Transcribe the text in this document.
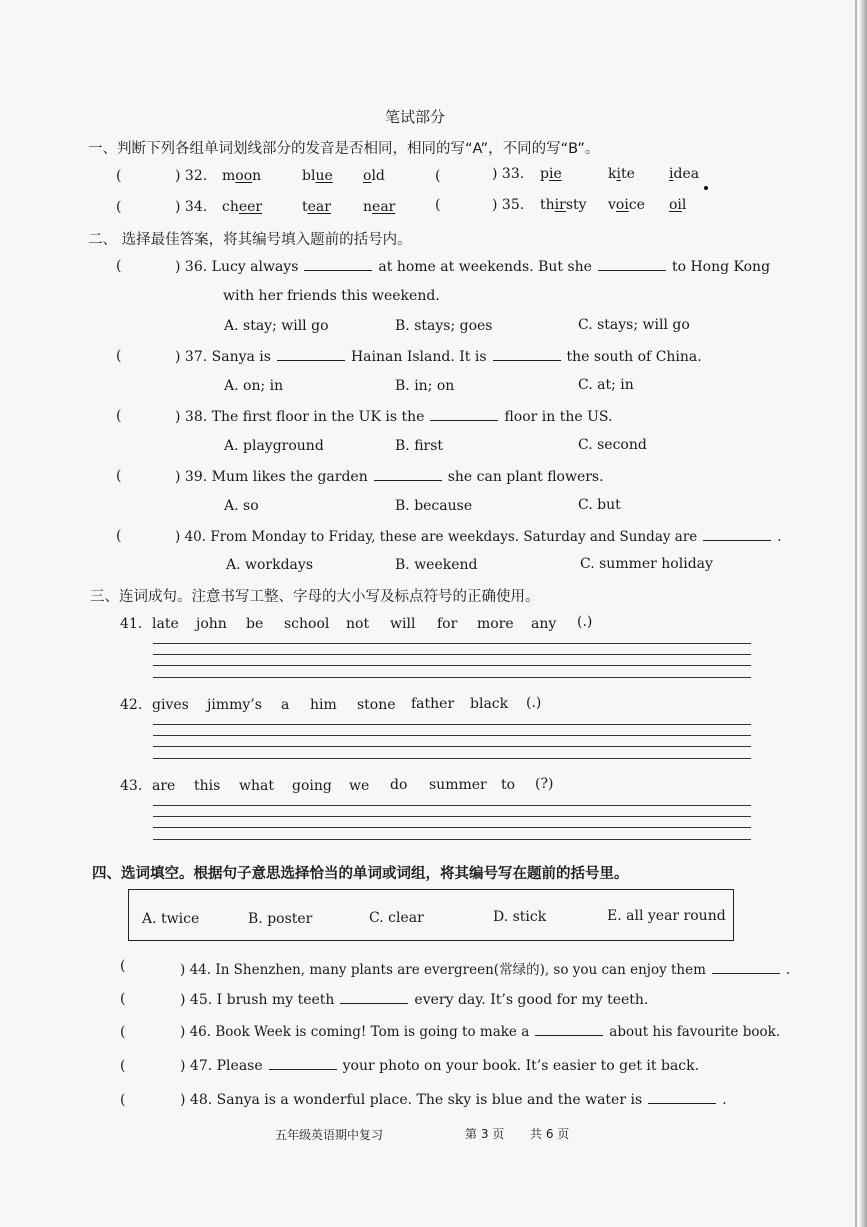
笔试部分
一、判断下列各组单词划线部分的发音是否相同，相同的写“A”，不同的写“B”。
(	) 32. moon	blue old	(	) 33. pie	kite idea
(	) 34. cheer	tear near	(	) 35. thirsty voice oil
二、 选择最佳答案，将其编号填入题前的括号内。
(	) 36. Lucy always	at home at weekends. But she	to Hong Kong
with her friends this weekend.
A. stay; will go	B. stays; goes	C. stays; will go
(	) 37. Sanya is	Hainan Island. It is	the south of China.
A. on; in	B. in; on	C. at; in
(	) 38. The first floor in the UK is the	floor in the US.
A. playground	B. first	C. second
(	) 39. Mum likes the garden	she can plant flowers.
A. so	B. because	C. but
(	) 40. From Monday to Friday, these are weekdays. Saturday and Sunday are	.
A. workdays	B. weekend	C. summer holiday
三、连词成句。注意书写工整、字母的大小写及标点符号的正确使用。
41. late john be school not will for more any (.)
42. gives jimmy’s a him stone father black (.)
43. are this what going we do summer to (?)
四、选词填空。根据句子意思选择恰当的单词或词组，将其编号写在题前的括号里。
A. twice	B. poster	C. clear	D. stick	E. all year round
(	) 44. In Shenzhen, many plants are evergreen(常绿的), so you can enjoy them	.
(	) 45. I brush my teeth	every day. It’s good for my teeth.
(	) 46. Book Week is coming! Tom is going to make a	about his favourite book.
(	) 47. Please	your photo on your book. It’s easier to get it back.
(	) 48. Sanya is a wonderful place. The sky is blue and the water is	.
五年级英语期中复习	第 3 页 共 6 页
